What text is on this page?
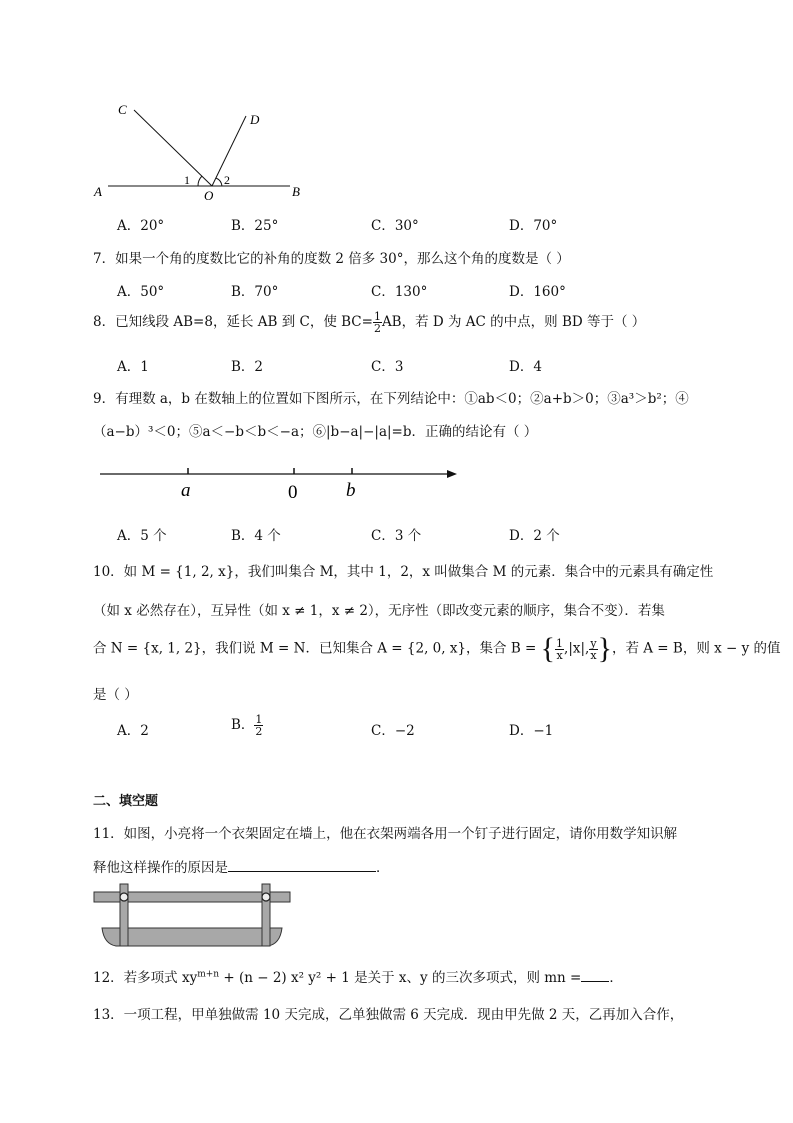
C
D
A	B
O
1	2
A．20°	B．25°	C．30°	D．70°
7．如果一个角的度数比它的补角的度数 2 倍多 30°，那么这个角的度数是（ ）
A．50°	B．70°	C．130°	D．160°
8．已知线段 AB=8，延长 AB 到 C，使 $BC= \frac{1}{2}$ AB，若 D 为 AC 的中点，则 BD 等于（ ）
A．1	B．2	C．3	D．4
9．有理数 a，b 在数轴上的位置如下图所示，在下列结论中：①ab＜0；②a+b＞0；③a³＞b²；④
（a−b）³＜0；⑤a＜−b＜b＜−a；⑥|b−a|−|a|=b．正确的结论有（ ）
a	0	b
A．5 个	B．4 个	C．3 个	D．2 个
10．如 M = {1, 2, x}，我们叫集合 M，其中 1，2，x 叫做集合 M 的元素．集合中的元素具有确定性
（如 x 必然存在），互异性（如 x ≠ 1，x ≠ 2），无序性（即改变元素的顺序，集合不变）．若集
合 N = {x, 1, 2}，我们说 M = N．已知集合 A = {2, 0, x}，集合 B = { $\frac{1}{x} ,|x|$, $\frac{y}{x}$ }，若 A = B，则 x − y 的值
是（ ）
A．2	B． $\frac{1}{2}$	C．−2	D．−1
二、填空题
11．如图，小亮将一个衣架固定在墙上，他在衣架两端各用一个钉子进行固定，请你用数学知识解
释他这样操作的原因是	．
12．若多项式 $xy^{m+n} + (n - 2)$ x² y² + 1 是关于 x、y 的三次多项式，则 mn = ．
13．一项工程，甲单独做需 10 天完成，乙单独做需 6 天完成．现由甲先做 2 天，乙再加入合作，
